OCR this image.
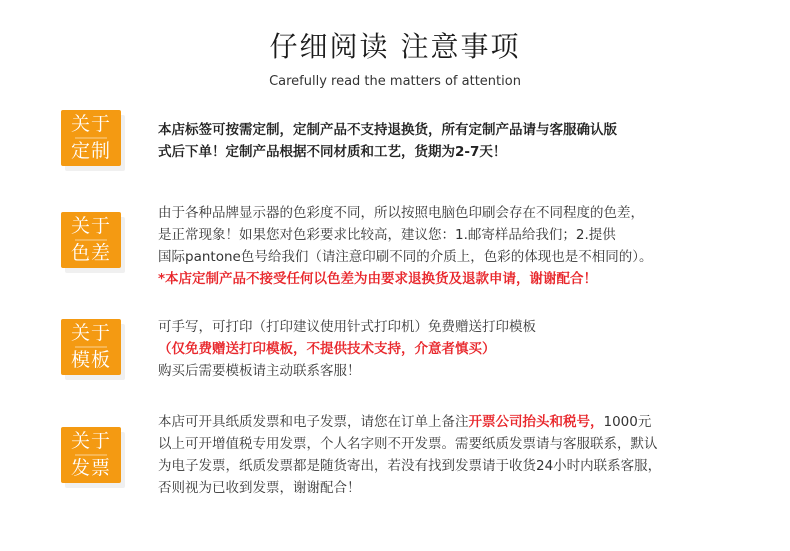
仔细阅读 注意事项
Carefully read the matters of attention
关于
定制
本店标签可按需定制，定制产品不支持退换货，所有定制产品请与客服确认版
式后下单！定制产品根据不同材质和工艺，货期为2-7天！
关于
色差
由于各种品牌显示器的色彩度不同，所以按照电脑色印刷会存在不同程度的色差，
是正常现象！如果您对色彩要求比较高，建议您：1.邮寄样品给我们；2.提供
国际pantone色号给我们（请注意印刷不同的介质上，色彩的体现也是不相同的）。
*本店定制产品不接受任何以色差为由要求退换货及退款申请，谢谢配合！
关于
模板
可手写，可打印（打印建议使用针式打印机）免费赠送打印模板
（仅免费赠送打印模板，不提供技术支持，介意者慎买）
购买后需要模板请主动联系客服！
关于
发票
本店可开具纸质发票和电子发票，请您在订单上备注开票公司抬头和税号，1000元
以上可开增值税专用发票，个人名字则不开发票。需要纸质发票请与客服联系，默认
为电子发票，纸质发票都是随货寄出，若没有找到发票请于收货24小时内联系客服，
否则视为已收到发票，谢谢配合！
